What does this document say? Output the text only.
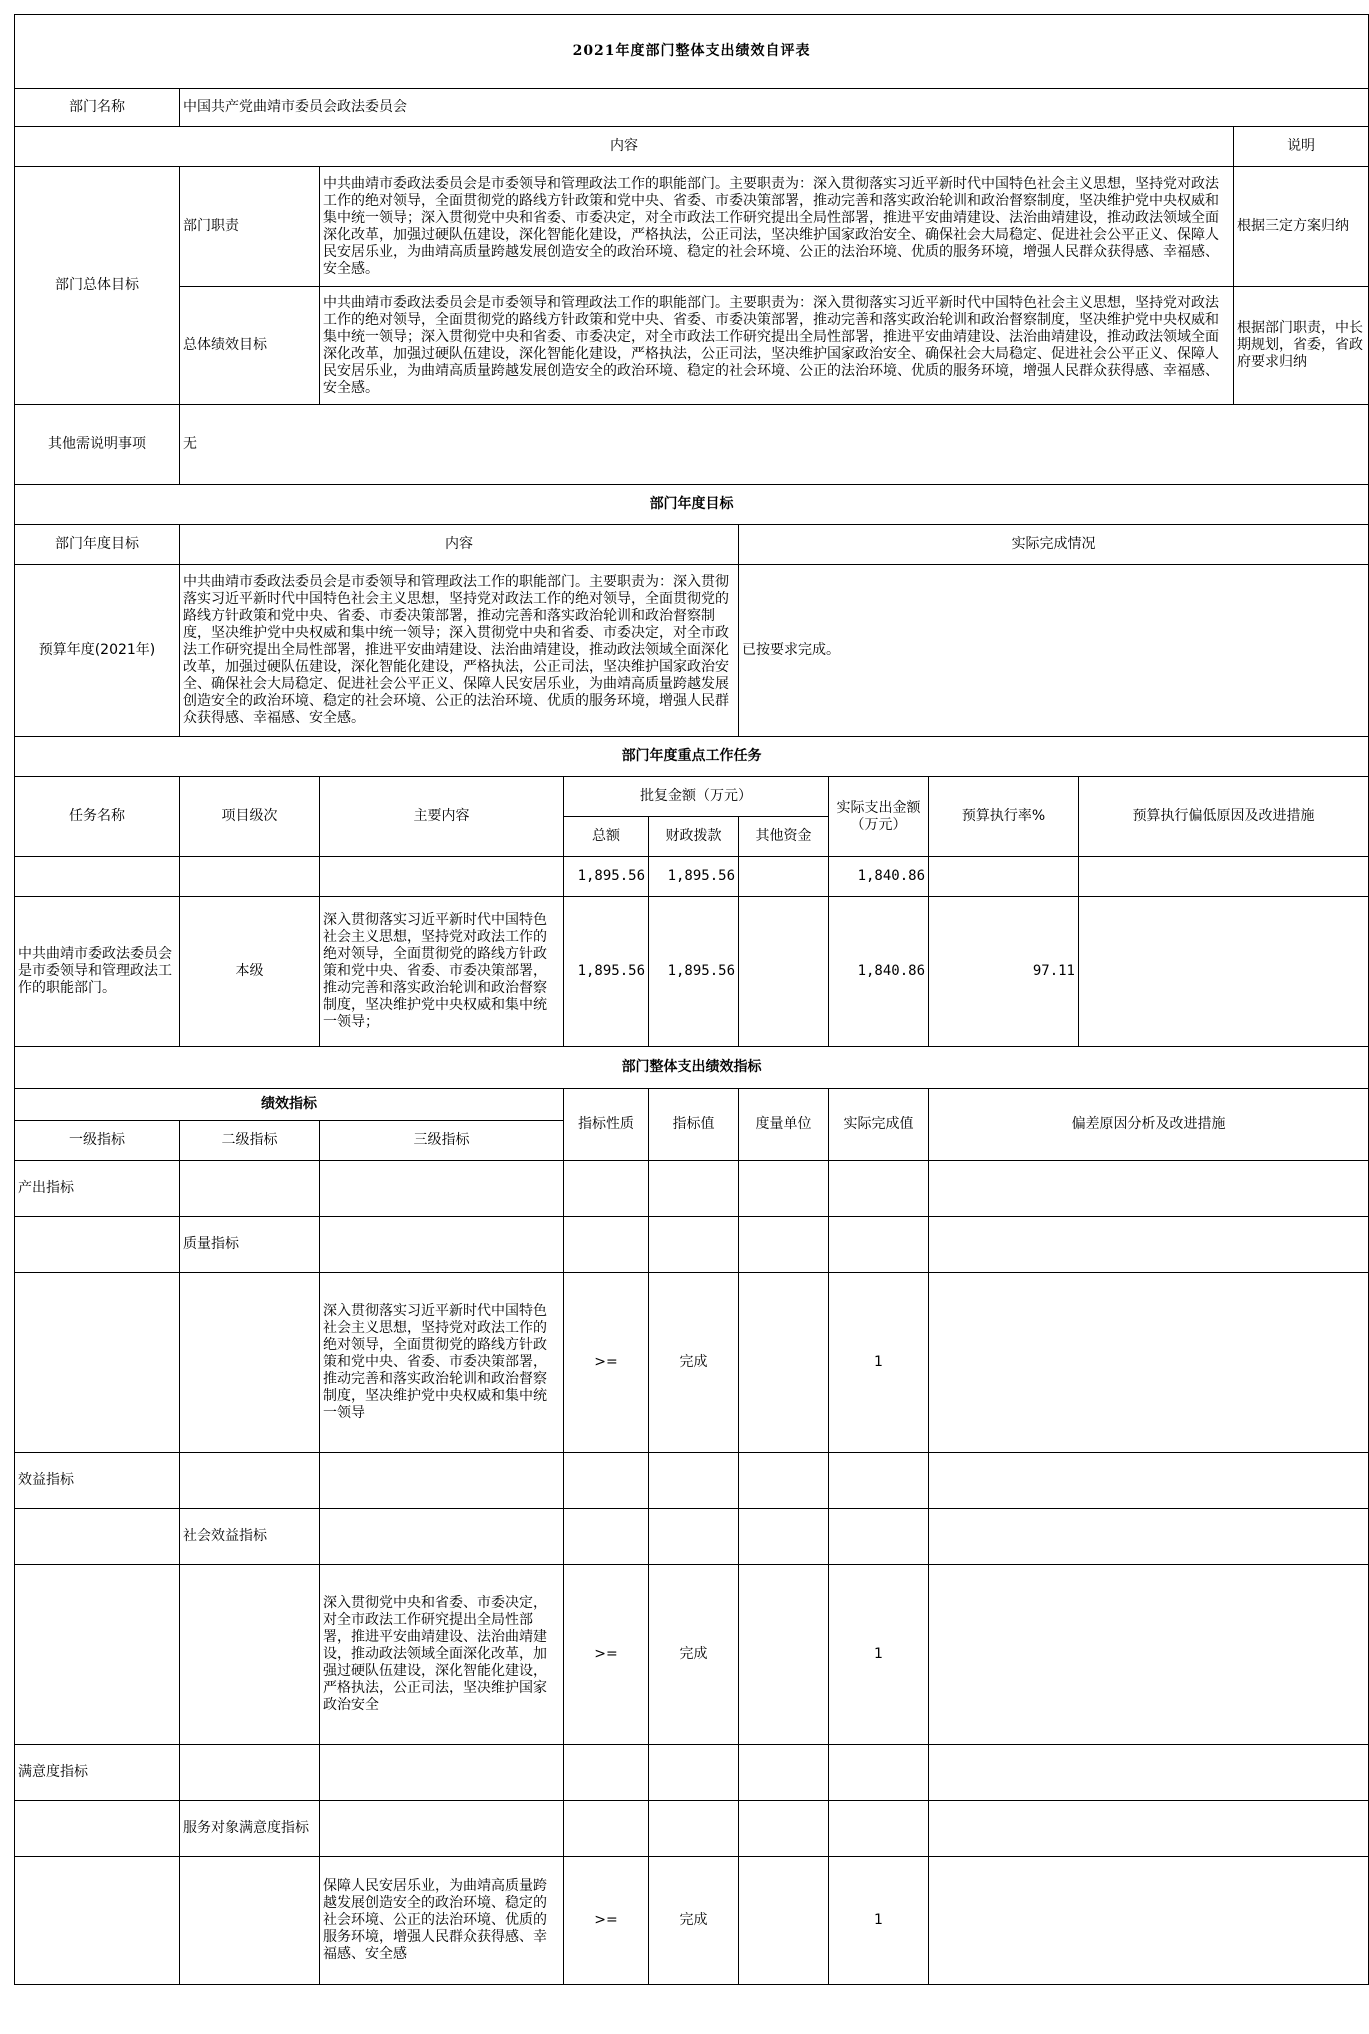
2021年度部门整体支出绩效自评表									
部门名称	中国共产党曲靖市委员会政法委员会								
内容									说明
部门总体目标	部门职责	中共曲靖市委政法委员会是市委领导和管理政法工作的职能部门。主要职责为：深入贯彻落实习近平新时代中国特色社会主义思想，坚持党对政法工作的绝对领导，全面贯彻党的路线方针政策和党中央、省委、市委决策部署，推动完善和落实政治轮训和政治督察制度，坚决维护党中央权威和集中统一领导；深入贯彻党中央和省委、市委决定，对全市政法工作研究提出全局性部署，推进平安曲靖建设、法治曲靖建设，推动政法领域全面深化改革，加强过硬队伍建设，深化智能化建设，严格执法，公正司法，坚决维护国家政治安全、确保社会大局稳定、促进社会公平正义、保障人民安居乐业，为曲靖高质量跨越发展创造安全的政治环境、稳定的社会环境、公正的法治环境、优质的服务环境，增强人民群众获得感、幸福感、安全感。							根据三定方案归纳
	总体绩效目标	中共曲靖市委政法委员会是市委领导和管理政法工作的职能部门。主要职责为：深入贯彻落实习近平新时代中国特色社会主义思想，坚持党对政法工作的绝对领导，全面贯彻党的路线方针政策和党中央、省委、市委决策部署，推动完善和落实政治轮训和政治督察制度，坚决维护党中央权威和集中统一领导；深入贯彻党中央和省委、市委决定，对全市政法工作研究提出全局性部署，推进平安曲靖建设、法治曲靖建设，推动政法领域全面深化改革，加强过硬队伍建设，深化智能化建设，严格执法，公正司法，坚决维护国家政治安全、确保社会大局稳定、促进社会公平正义、保障人民安居乐业，为曲靖高质量跨越发展创造安全的政治环境、稳定的社会环境、公正的法治环境、优质的服务环境，增强人民群众获得感、幸福感、安全感。							根据部门职责，中长期规划，省委，省政府要求归纳
其他需说明事项	无								
部门年度目标									
部门年度目标	内容				实际完成情况				
预算年度(2021年)	中共曲靖市委政法委员会是市委领导和管理政法工作的职能部门。主要职责为：深入贯彻落实习近平新时代中国特色社会主义思想，坚持党对政法工作的绝对领导，全面贯彻党的路线方针政策和党中央、省委、市委决策部署，推动完善和落实政治轮训和政治督察制度，坚决维护党中央权威和集中统一领导；深入贯彻党中央和省委、市委决定，对全市政法工作研究提出全局性部署，推进平安曲靖建设、法治曲靖建设，推动政法领域全面深化改革，加强过硬队伍建设，深化智能化建设，严格执法，公正司法，坚决维护国家政治安全、确保社会大局稳定、促进社会公平正义、保障人民安居乐业，为曲靖高质量跨越发展创造安全的政治环境、稳定的社会环境、公正的法治环境、优质的服务环境，增强人民群众获得感、幸福感、安全感。				已按要求完成。				
部门年度重点工作任务									
任务名称	项目级次	主要内容	批复金额（万元）			实际支出金额（万元）	预算执行率%	预算执行偏低原因及改进措施	
			总额	财政拨款	其他资金				
			1,895.56	1,895.56		1,840.86			
中共曲靖市委政法委员会是市委领导和管理政法工作的职能部门。	本级	深入贯彻落实习近平新时代中国特色社会主义思想，坚持党对政法工作的绝对领导，全面贯彻党的路线方针政策和党中央、省委、市委决策部署，推动完善和落实政治轮训和政治督察制度，坚决维护党中央权威和集中统一领导；	1,895.56	1,895.56		1,840.86	97.11		
部门整体支出绩效指标									
绩效指标			指标性质	指标值	度量单位	实际完成值	偏差原因分析及改进措施		
一级指标	二级指标	三级指标							
产出指标									
	质量指标								
		深入贯彻落实习近平新时代中国特色社会主义思想，坚持党对政法工作的绝对领导，全面贯彻党的路线方针政策和党中央、省委、市委决策部署，推动完善和落实政治轮训和政治督察制度，坚决维护党中央权威和集中统一领导	>=	完成		1			
效益指标									
	社会效益指标								
		深入贯彻党中央和省委、市委决定，对全市政法工作研究提出全局性部署，推进平安曲靖建设、法治曲靖建设，推动政法领域全面深化改革，加强过硬队伍建设，深化智能化建设，严格执法，公正司法，坚决维护国家政治安全	>=	完成		1			
满意度指标									
	服务对象满意度指标								
		保障人民安居乐业，为曲靖高质量跨越发展创造安全的政治环境、稳定的社会环境、公正的法治环境、优质的服务环境，增强人民群众获得感、幸福感、安全感	>=	完成		1			
